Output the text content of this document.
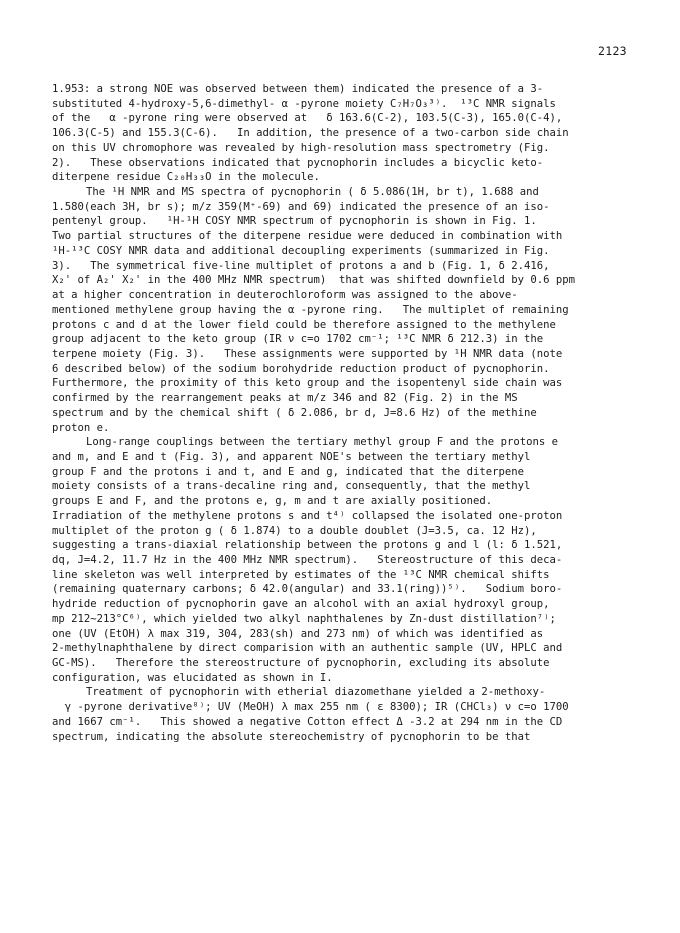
2123
1.953: a strong NOE was observed between them) indicated the presence of a 3-
substituted 4-hydroxy-5,6-dimethyl- α -pyrone moiety C₇H₇O₃³⁾.  ¹³C NMR signals
of the   α -pyrone ring were observed at   δ 163.6(C-2), 103.5(C-3), 165.0(C-4),
106.3(C-5) and 155.3(C-6).   In addition, the presence of a two-carbon side chain
on this UV chromophore was revealed by high-resolution mass spectrometry (Fig.
2).   These observations indicated that pycnophorin includes a bicyclic keto-
diterpene residue C₂₀H₃₃O in the molecule.
The ¹H NMR and MS spectra of pycnophorin ( δ 5.086(1H, br t), 1.688 and
1.580(each 3H, br s); m/z 359(M⁺-69) and 69) indicated the presence of an iso-
pentenyl group.   ¹H-¹H COSY NMR spectrum of pycnophorin is shown in Fig. 1.
Two partial structures of the diterpene residue were deduced in combination with
¹H-¹³C COSY NMR data and additional decoupling experiments (summarized in Fig.
3).   The symmetrical five-line multiplet of protons a and b (Fig. 1, δ 2.416,
X₂' of A₂' X₂' in the 400 MHz NMR spectrum)  that was shifted downfield by 0.6 ppm
at a higher concentration in deuterochloroform was assigned to the above-
mentioned methylene group having the α -pyrone ring.   The multiplet of remaining
protons c and d at the lower field could be therefore assigned to the methylene
group adjacent to the keto group (IR ν c=o 1702 cm⁻¹; ¹³C NMR δ 212.3) in the
terpene moiety (Fig. 3).   These assignments were supported by ¹H NMR data (note
6 described below) of the sodium borohydride reduction product of pycnophorin.
Furthermore, the proximity of this keto group and the isopentenyl side chain was
confirmed by the rearrangement peaks at m/z 346 and 82 (Fig. 2) in the MS
spectrum and by the chemical shift ( δ 2.086, br d, J=8.6 Hz) of the methine
proton e.
Long-range couplings between the tertiary methyl group F and the protons e
and m, and E and t (Fig. 3), and apparent NOE's between the tertiary methyl
group F and the protons i and t, and E and g, indicated that the diterpene
moiety consists of a trans-decaline ring and, consequently, that the methyl
groups E and F, and the protons e, g, m and t are axially positioned.
Irradiation of the methylene protons s and t⁴⁾ collapsed the isolated one-proton
multiplet of the proton g ( δ 1.874) to a double doublet (J=3.5, ca. 12 Hz),
suggesting a trans-diaxial relationship between the protons g and l (l: δ 1.521,
dq, J=4.2, 11.7 Hz in the 400 MHz NMR spectrum).   Stereostructure of this deca-
line skeleton was well interpreted by estimates of the ¹³C NMR chemical shifts
(remaining quaternary carbons; δ 42.0(angular) and 33.1(ring))⁵⁾.   Sodium boro-
hydride reduction of pycnophorin gave an alcohol with an axial hydroxyl group,
mp 212~213°C⁶⁾, which yielded two alkyl naphthalenes by Zn-dust distillation⁷⁾;
one (UV (EtOH) λ max 319, 304, 283(sh) and 273 nm) of which was identified as
2-methylnaphthalene by direct comparision with an authentic sample (UV, HPLC and
GC-MS).   Therefore the stereostructure of pycnophorin, excluding its absolute
configuration, was elucidated as shown in I.
Treatment of pycnophorin with etherial diazomethane yielded a 2-methoxy-
γ -pyrone derivative⁸⁾; UV (MeOH) λ max 255 nm ( ε 8300); IR (CHCl₃) ν c=o 1700
and 1667 cm⁻¹.   This showed a negative Cotton effect Δ -3.2 at 294 nm in the CD
spectrum, indicating the absolute stereochemistry of pycnophorin to be that
